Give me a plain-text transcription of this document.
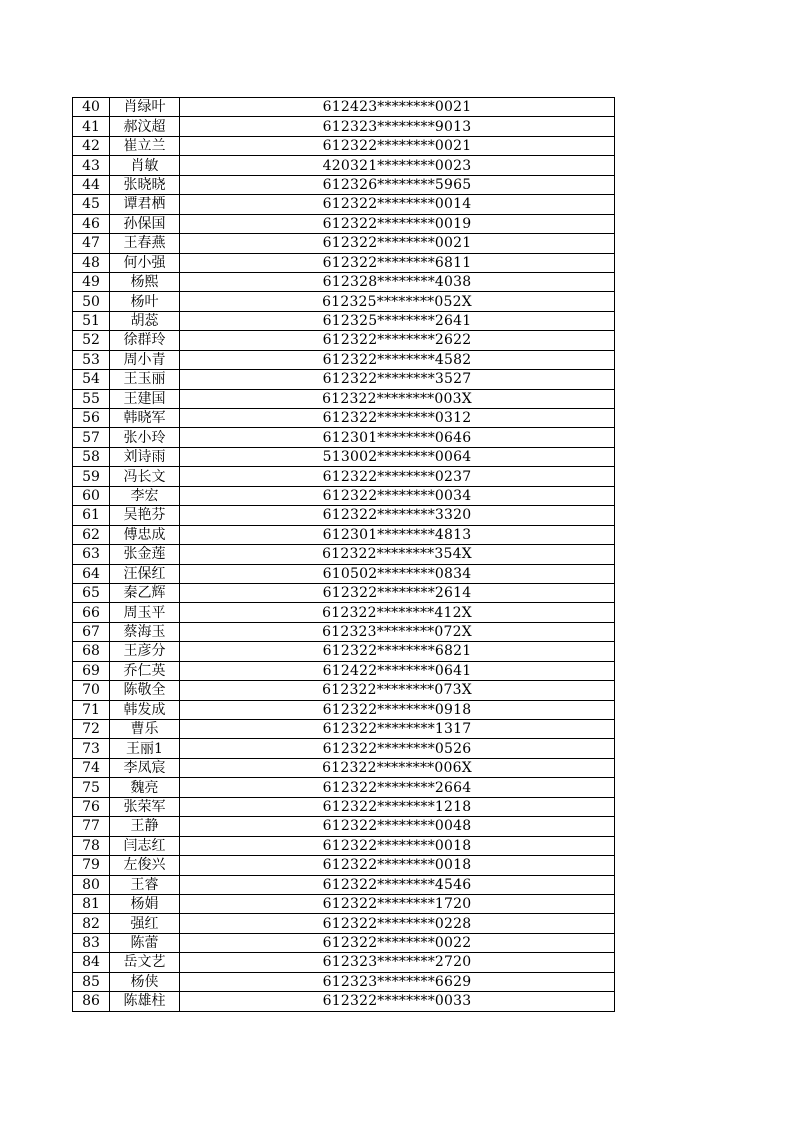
40	肖绿叶	612423********0021
41	郝汶超	612323********9013
42	崔立兰	612322********0021
43	肖敏	420321********0023
44	张晓晓	612326********5965
45	谭君栖	612322********0014
46	孙保国	612322********0019
47	王春燕	612322********0021
48	何小强	612322********6811
49	杨熙	612328********4038
50	杨叶	612325********052X
51	胡蕊	612325********2641
52	徐群玲	612322********2622
53	周小青	612322********4582
54	王玉丽	612322********3527
55	王建国	612322********003X
56	韩晓军	612322********0312
57	张小玲	612301********0646
58	刘诗雨	513002********0064
59	冯长文	612322********0237
60	李宏	612322********0034
61	吴艳芬	612322********3320
62	傅忠成	612301********4813
63	张金莲	612322********354X
64	汪保红	610502********0834
65	秦乙辉	612322********2614
66	周玉平	612322********412X
67	蔡海玉	612323********072X
68	王彦分	612322********6821
69	乔仁英	612422********0641
70	陈敬全	612322********073X
71	韩发成	612322********0918
72	曹乐	612322********1317
73	王丽1	612322********0526
74	李凤宸	612322********006X
75	魏亮	612322********2664
76	张荣军	612322********1218
77	王静	612322********0048
78	闫志红	612322********0018
79	左俊兴	612322********0018
80	王睿	612322********4546
81	杨娟	612322********1720
82	强红	612322********0228
83	陈蕾	612322********0022
84	岳文艺	612323********2720
85	杨侠	612323********6629
86	陈雄柱	612322********0033
